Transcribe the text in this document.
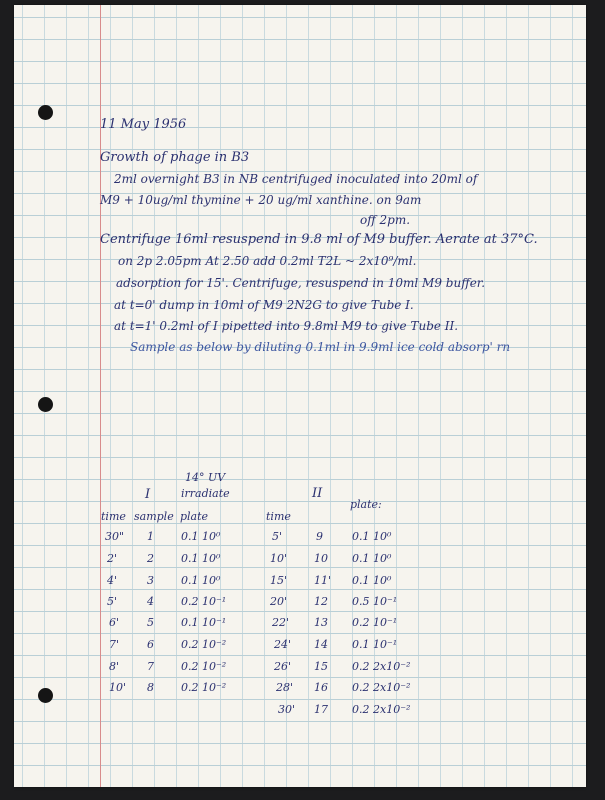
11 May 1956
Growth of phage in B3
2ml overnight B3 in NB centrifuged inoculated into 20ml of
M9 + 10ug/ml thymine + 20 ug/ml xanthine. on 9am
off 2pm.
Centrifuge 16ml resuspend in 9.8 ml of M9 buffer. Aerate at 37°C.
on 2p 2.05pm At 2.50 add 0.2ml T2L ~ 2x10⁹/ml.
adsorption for 15'. Centrifuge, resuspend in 10ml M9 buffer.
at t=0' dump in 10ml of M9 2N2G to give Tube I.
at t=1' 0.2ml of I pipetted into 9.8ml M9 to give Tube II.
Sample as below by diluting 0.1ml in 9.9ml ice cold absorp' rn
I
14° UV
irradiate
time sample plate
II
time
plate:
30" 1 0.1 10⁰
2'	2 0.1 10⁰
4'	3 0.1 10⁰
5'	4 0.2 10⁻¹
6'	5 0.1 10⁻¹
7'	6 0.2 10⁻²
8'	7 0.2 10⁻²
10' 8 0.2 10⁻²
5'	9	0.1 10⁰
10' 10 0.1 10⁰
15' 11' 0.1 10⁰
20' 12 0.5 10⁻¹
22' 13 0.2 10⁻¹
24' 14 0.1 10⁻¹
26' 15 0.2 2x10⁻²
28' 16 0.2 2x10⁻²
30' 17 0.2 2x10⁻²
